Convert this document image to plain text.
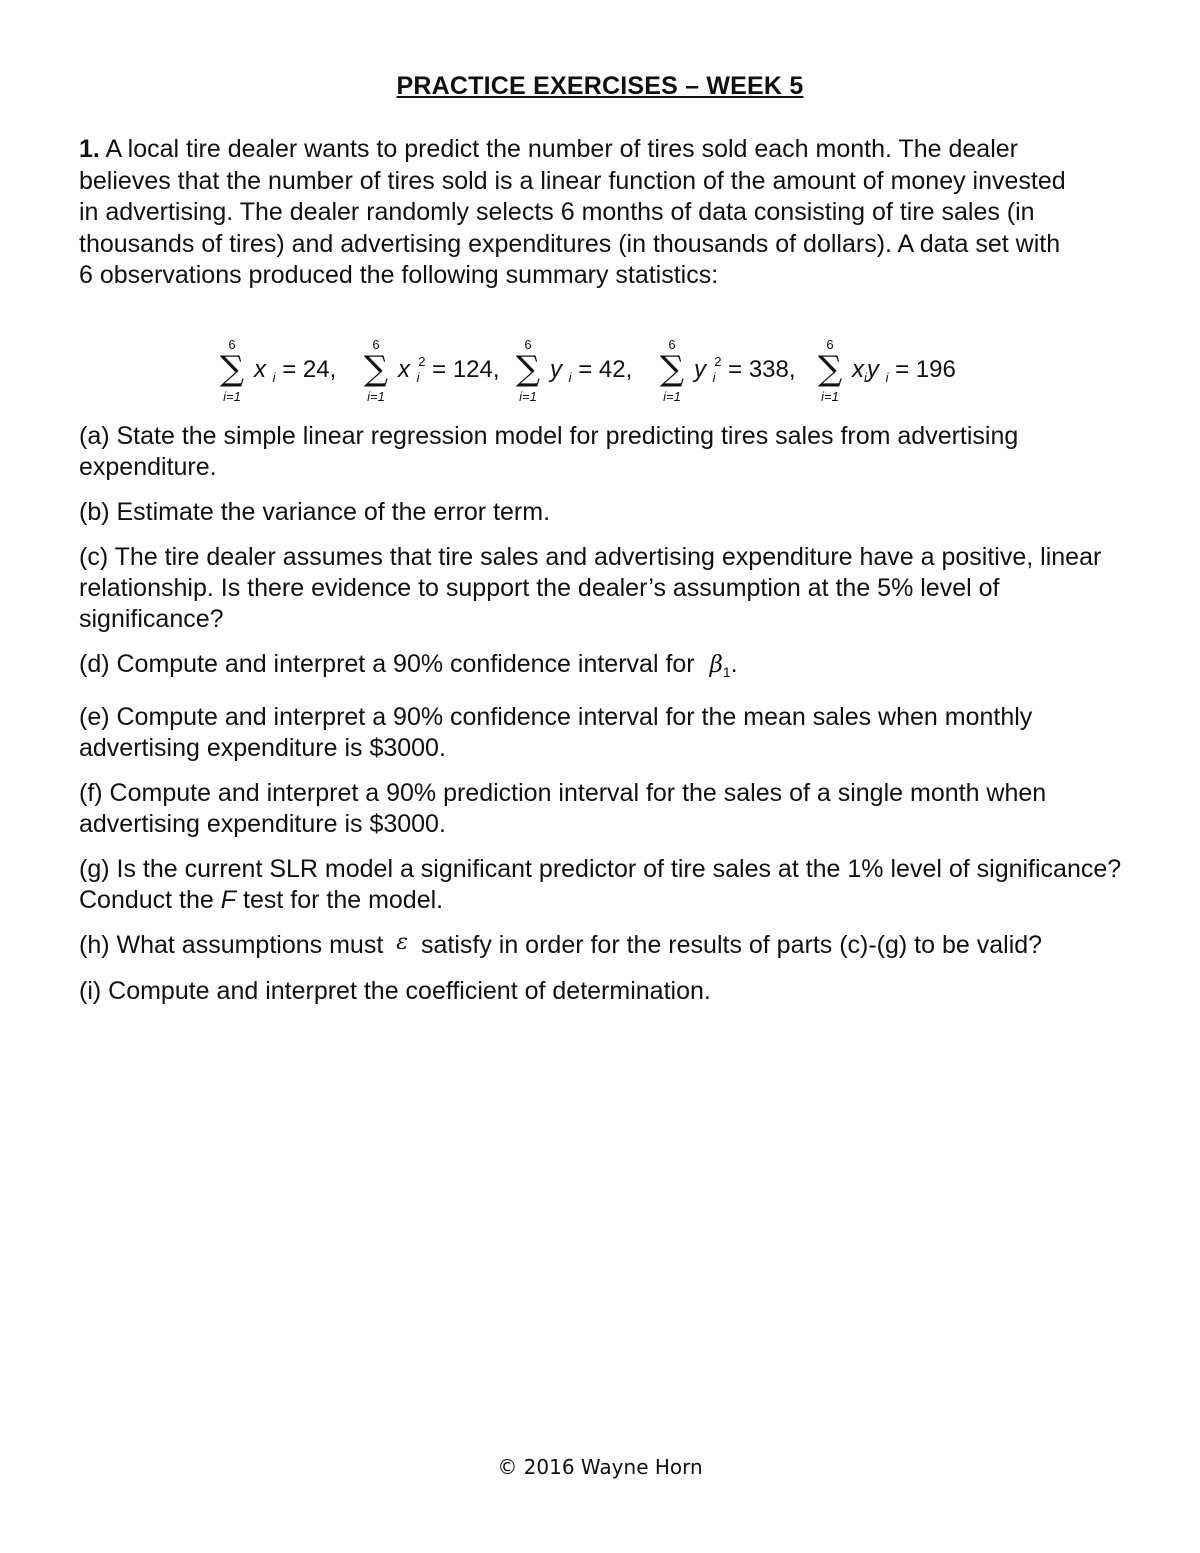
PRACTICE EXERCISES – WEEK 5
1. A local tire dealer wants to predict the number of tires sold each month. The dealer believes that the number of tires sold is a linear function of the amount of money invested in advertising. The dealer randomly selects 6 months of data consisting of tire sales (in thousands of tires) and advertising expenditures (in thousands of dollars). A data set with 6 observations produced the following summary statistics:
6
∑
i=1
x $_i$ = 24,
6
∑
i=1
x $_i$ $^2$ = 124,
6
∑
i=1
y $_i$ = 42,
6
∑
i=1
y $_i$ $^2$ = 338,
6
∑
i=1
$x_iy$ $_i$ = 196
(a) State the simple linear regression model for predicting tires sales from advertising expenditure.
(b) Estimate the variance of the error term.
(c) The tire dealer assumes that tire sales and advertising expenditure have a positive, linear relationship. Is there evidence to support the dealer’s assumption at the 5% level of significance?
(d) Compute and interpret a 90% confidence interval for $\beta_1$.
(e) Compute and interpret a 90% confidence interval for the mean sales when monthly advertising expenditure is $3000.
(f) Compute and interpret a 90% prediction interval for the sales of a single month when advertising expenditure is $3000.
(g) Is the current SLR model a significant predictor of tire sales at the 1% level of significance? Conduct the F test for the model.
(h) What assumptions must ε satisfy in order for the results of parts (c)-(g) to be valid?
(i) Compute and interpret the coefficient of determination.
© 2016 Wayne Horn
